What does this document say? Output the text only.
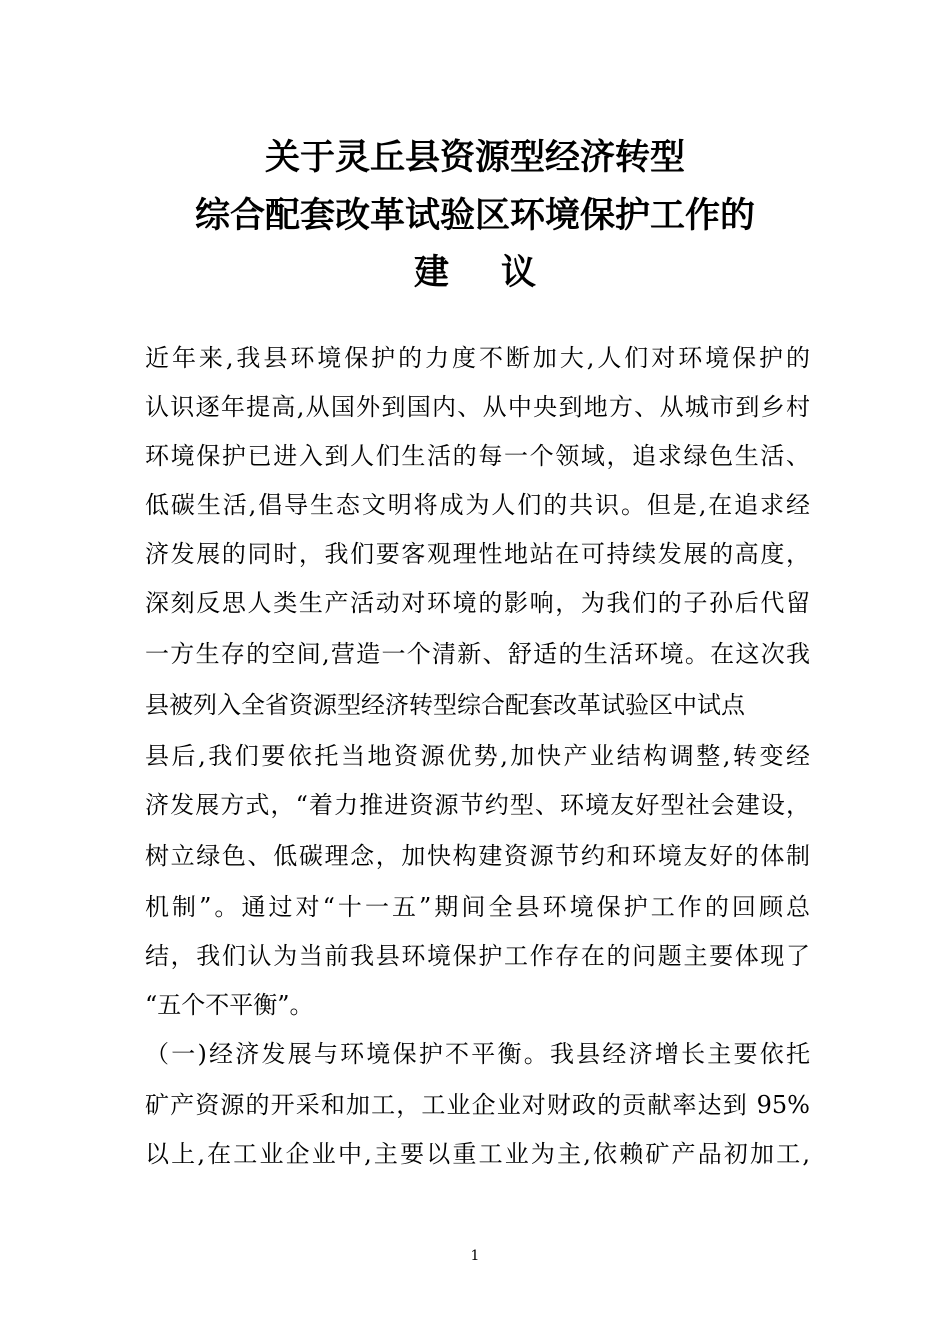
关于灵丘县资源型经济转型
综合配套改革试验区环境保护工作的
建议
近年来,我县环境保护的力度不断加大,人们对环境保护的
认识逐年提高,从国外到国内、从中央到地方、从城市到乡村
环境保护已进入到人们生活的每一个领域，追求绿色生活、
低碳生活,倡导生态文明将成为人们的共识。但是,在追求经
济发展的同时，我们要客观理性地站在可持续发展的高度，
深刻反思人类生产活动对环境的影响，为我们的子孙后代留
一方生存的空间,营造一个清新、舒适的生活环境。在这次我
县被列入全省资源型经济转型综合配套改革试验区中试点
县后,我们要依托当地资源优势,加快产业结构调整,转变经
济发展方式，“着力推进资源节约型、环境友好型社会建设，
树立绿色、低碳理念，加快构建资源节约和环境友好的体制
机制”。通过对“十一五”期间全县环境保护工作的回顾总
结，我们认为当前我县环境保护工作存在的问题主要体现了
“五个不平衡”。
（一)经济发展与环境保护不平衡。我县经济增长主要依托
矿产资源的开采和加工，工业企业对财政的贡献率达到 95%
以上,在工业企业中,主要以重工业为主,依赖矿产品初加工,
1
